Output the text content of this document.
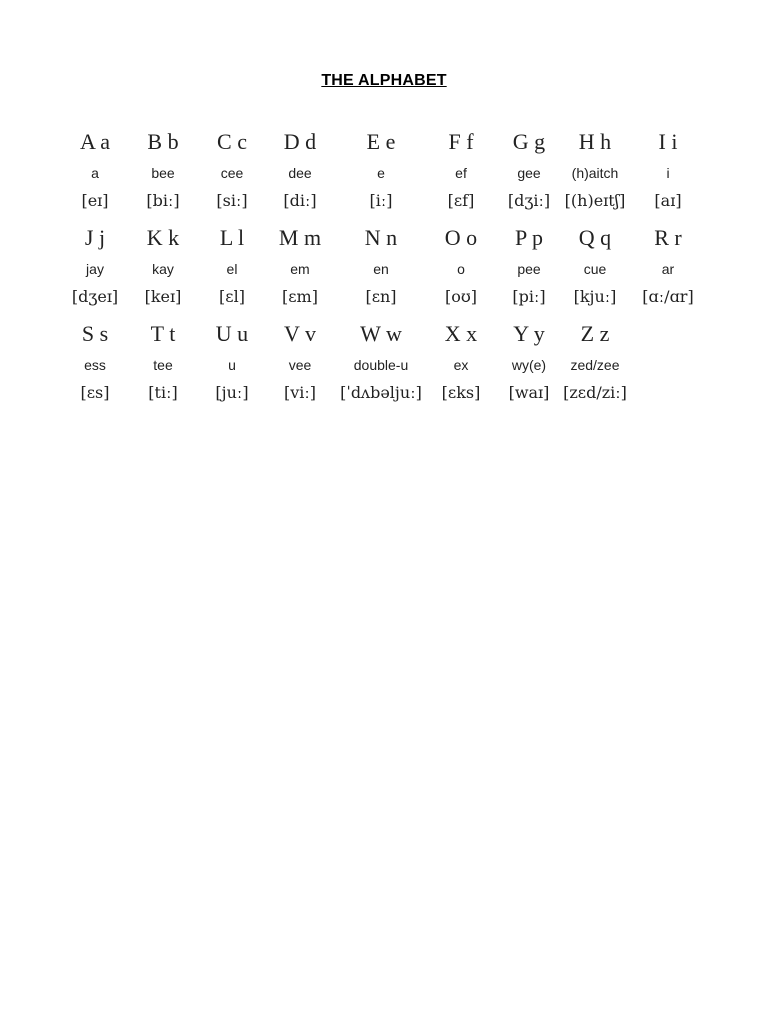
THE ALPHABET
A a
a
[eɪ]
B b
bee
[biː]
C c
cee
[siː]
D d
dee
[diː]
E e
e
[iː]
F f
ef
[ɛf]
G g
gee
[dʒiː]
H h
(h)aitch
[(h)eɪtʃ]
I i
i
[aɪ]
J j
jay
[dʒeɪ]
K k
kay
[keɪ]
L l
el
[ɛl]
M m
em
[ɛm]
N n
en
[ɛn]
O o
o
[oʊ]
P p
pee
[piː]
Q q
cue
[kjuː]
R r
ar
[ɑː/ɑr]
S s
ess
[ɛs]
T t
tee
[tiː]
U u
u
[juː]
V v
vee
[viː]
W w
double-u
[ˈdʌbəljuː]
X x
ex
[ɛks]
Y y
wy(e)
[waɪ]
Z z
zed/zee
[zɛd/ziː]
